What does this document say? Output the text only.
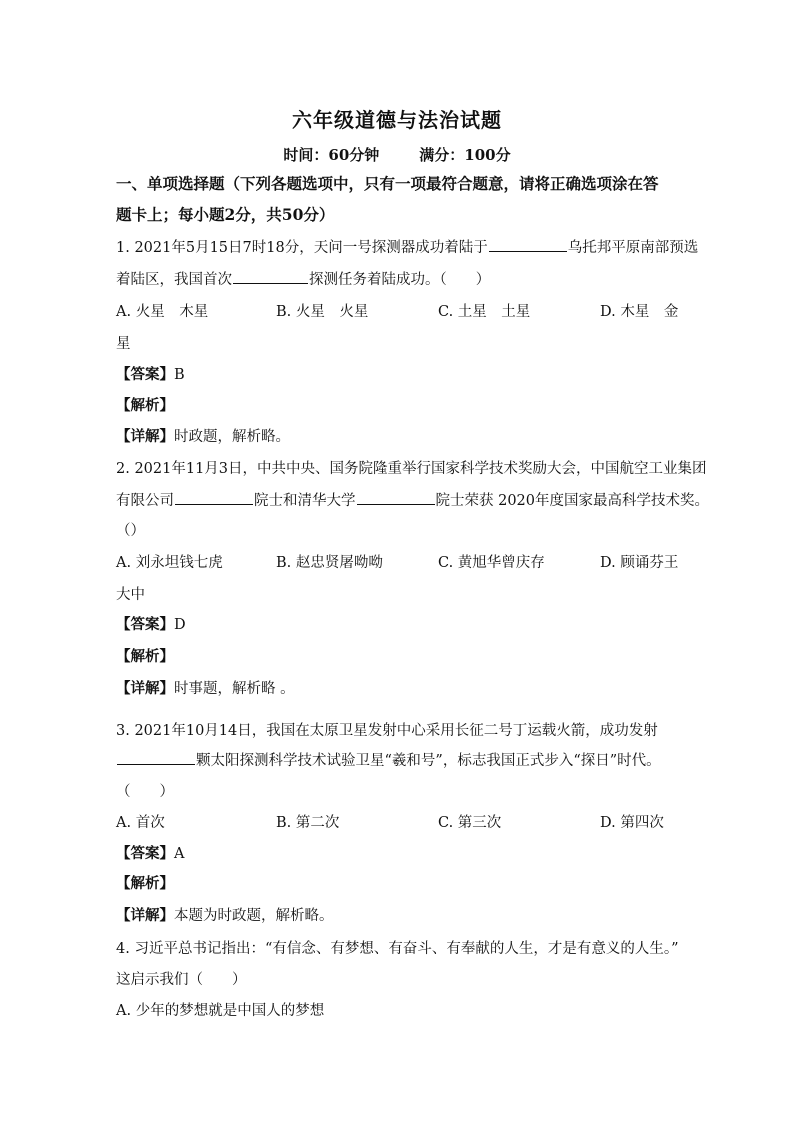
六年级道德与法治试题
时间：60分钟	满分：100分
一、单项选择题（下列各题选项中，只有一项最符合题意，请将正确选项涂在答
题卡上；每小题2分，共50分）
1. 2021年5月15日7时18分，天问一号探测器成功着陆于	乌托邦平原南部预选
着陆区，我国首次	探测任务着陆成功。（　　）
A. 火星　木星	B. 火星　火星	C. 土星　土星	D. 木星　金
星
【答案】B
【解析】
【详解】时政题，解析略。
2. 2021年11月3日，中共中央、国务院隆重举行国家科学技术奖励大会，中国航空工业集团
有限公司	院士和清华大学	院士荣获 2020年度国家最高科学技术奖。
（）
A. 刘永坦钱七虎	B. 赵忠贤屠呦呦	C. 黄旭华曾庆存	D. 顾诵芬王
大中
【答案】D
【解析】
【详解】时事题，解析略 。
3. 2021年10月14日，我国在太原卫星发射中心采用长征二号丁运载火箭，成功发射
颗太阳探测科学技术试验卫星“羲和号”，标志我国正式步入“探日”时代。
（　　）
A. 首次	B. 第二次	C. 第三次	D. 第四次
【答案】A
【解析】
【详解】本题为时政题，解析略。
4. 习近平总书记指出：“有信念、有梦想、有奋斗、有奉献的人生，才是有意义的人生。”
这启示我们（　　）
A. 少年的梦想就是中国人的梦想
